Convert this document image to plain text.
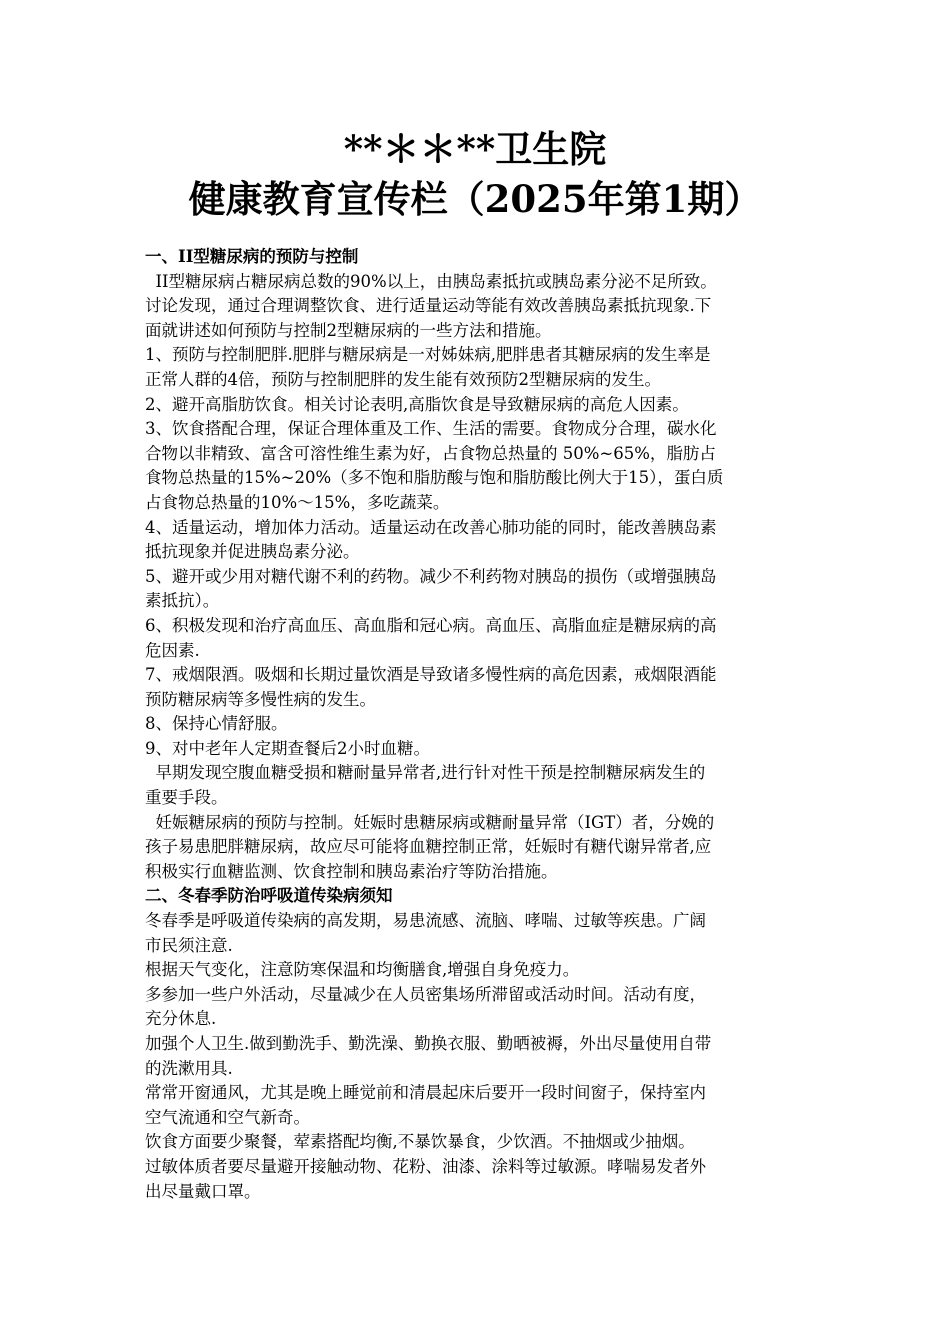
**＊＊**卫生院
健康教育宣传栏（2025年第1期）

一、II型糖尿病的预防与控制

II型糖尿病占糖尿病总数的90%以上，由胰岛素抵抗或胰岛素分泌不足所致。

讨论发现，通过合理调整饮食、进行适量运动等能有效改善胰岛素抵抗现象.下

面就讲述如何预防与控制2型糖尿病的一些方法和措施。

1、预防与控制肥胖.肥胖与糖尿病是一对姊妹病,肥胖患者其糖尿病的发生率是

正常人群的4倍，预防与控制肥胖的发生能有效预防2型糖尿病的发生。

2、避开高脂肪饮食。相关讨论表明,高脂饮食是导致糖尿病的高危人因素。

3、饮食搭配合理，保证合理体重及工作、生活的需要。食物成分合理，碳水化

合物以非精致、富含可溶性维生素为好，占食物总热量的 50%~65%，脂肪占

食物总热量的15%~20%（多不饱和脂肪酸与饱和脂肪酸比例大于15），蛋白质

占食物总热量的10%～15%，多吃蔬菜。

4、适量运动，增加体力活动。适量运动在改善心肺功能的同时，能改善胰岛素

抵抗现象并促进胰岛素分泌。

5、避开或少用对糖代谢不利的药物。减少不利药物对胰岛的损伤（或增强胰岛

素抵抗）。

6、积极发现和治疗高血压、高血脂和冠心病。高血压、高脂血症是糖尿病的高

危因素.

7、戒烟限酒。吸烟和长期过量饮酒是导致诸多慢性病的高危因素，戒烟限酒能

预防糖尿病等多慢性病的发生。

8、保持心情舒服。

9、对中老年人定期查餐后2小时血糖。

早期发现空腹血糖受损和糖耐量异常者,进行针对性干预是控制糖尿病发生的

重要手段。

妊娠糖尿病的预防与控制。妊娠时患糖尿病或糖耐量异常（IGT）者，分娩的

孩子易患肥胖糖尿病，故应尽可能将血糖控制正常，妊娠时有糖代谢异常者,应

积极实行血糖监测、饮食控制和胰岛素治疗等防治措施。

二、冬春季防治呼吸道传染病须知

冬春季是呼吸道传染病的高发期，易患流感、流脑、哮喘、过敏等疾患。广阔

市民须注意.

根据天气变化，注意防寒保温和均衡膳食,增强自身免疫力。

多参加一些户外活动，尽量减少在人员密集场所滞留或活动时间。活动有度，

充分休息.

加强个人卫生.做到勤洗手、勤洗澡、勤换衣服、勤晒被褥，外出尽量使用自带

的洗漱用具.

常常开窗通风，尤其是晚上睡觉前和清晨起床后要开一段时间窗子，保持室内

空气流通和空气新奇。

饮食方面要少聚餐，荤素搭配均衡,不暴饮暴食，少饮酒。不抽烟或少抽烟。

过敏体质者要尽量避开接触动物、花粉、油漆、涂料等过敏源。哮喘易发者外

出尽量戴口罩。
